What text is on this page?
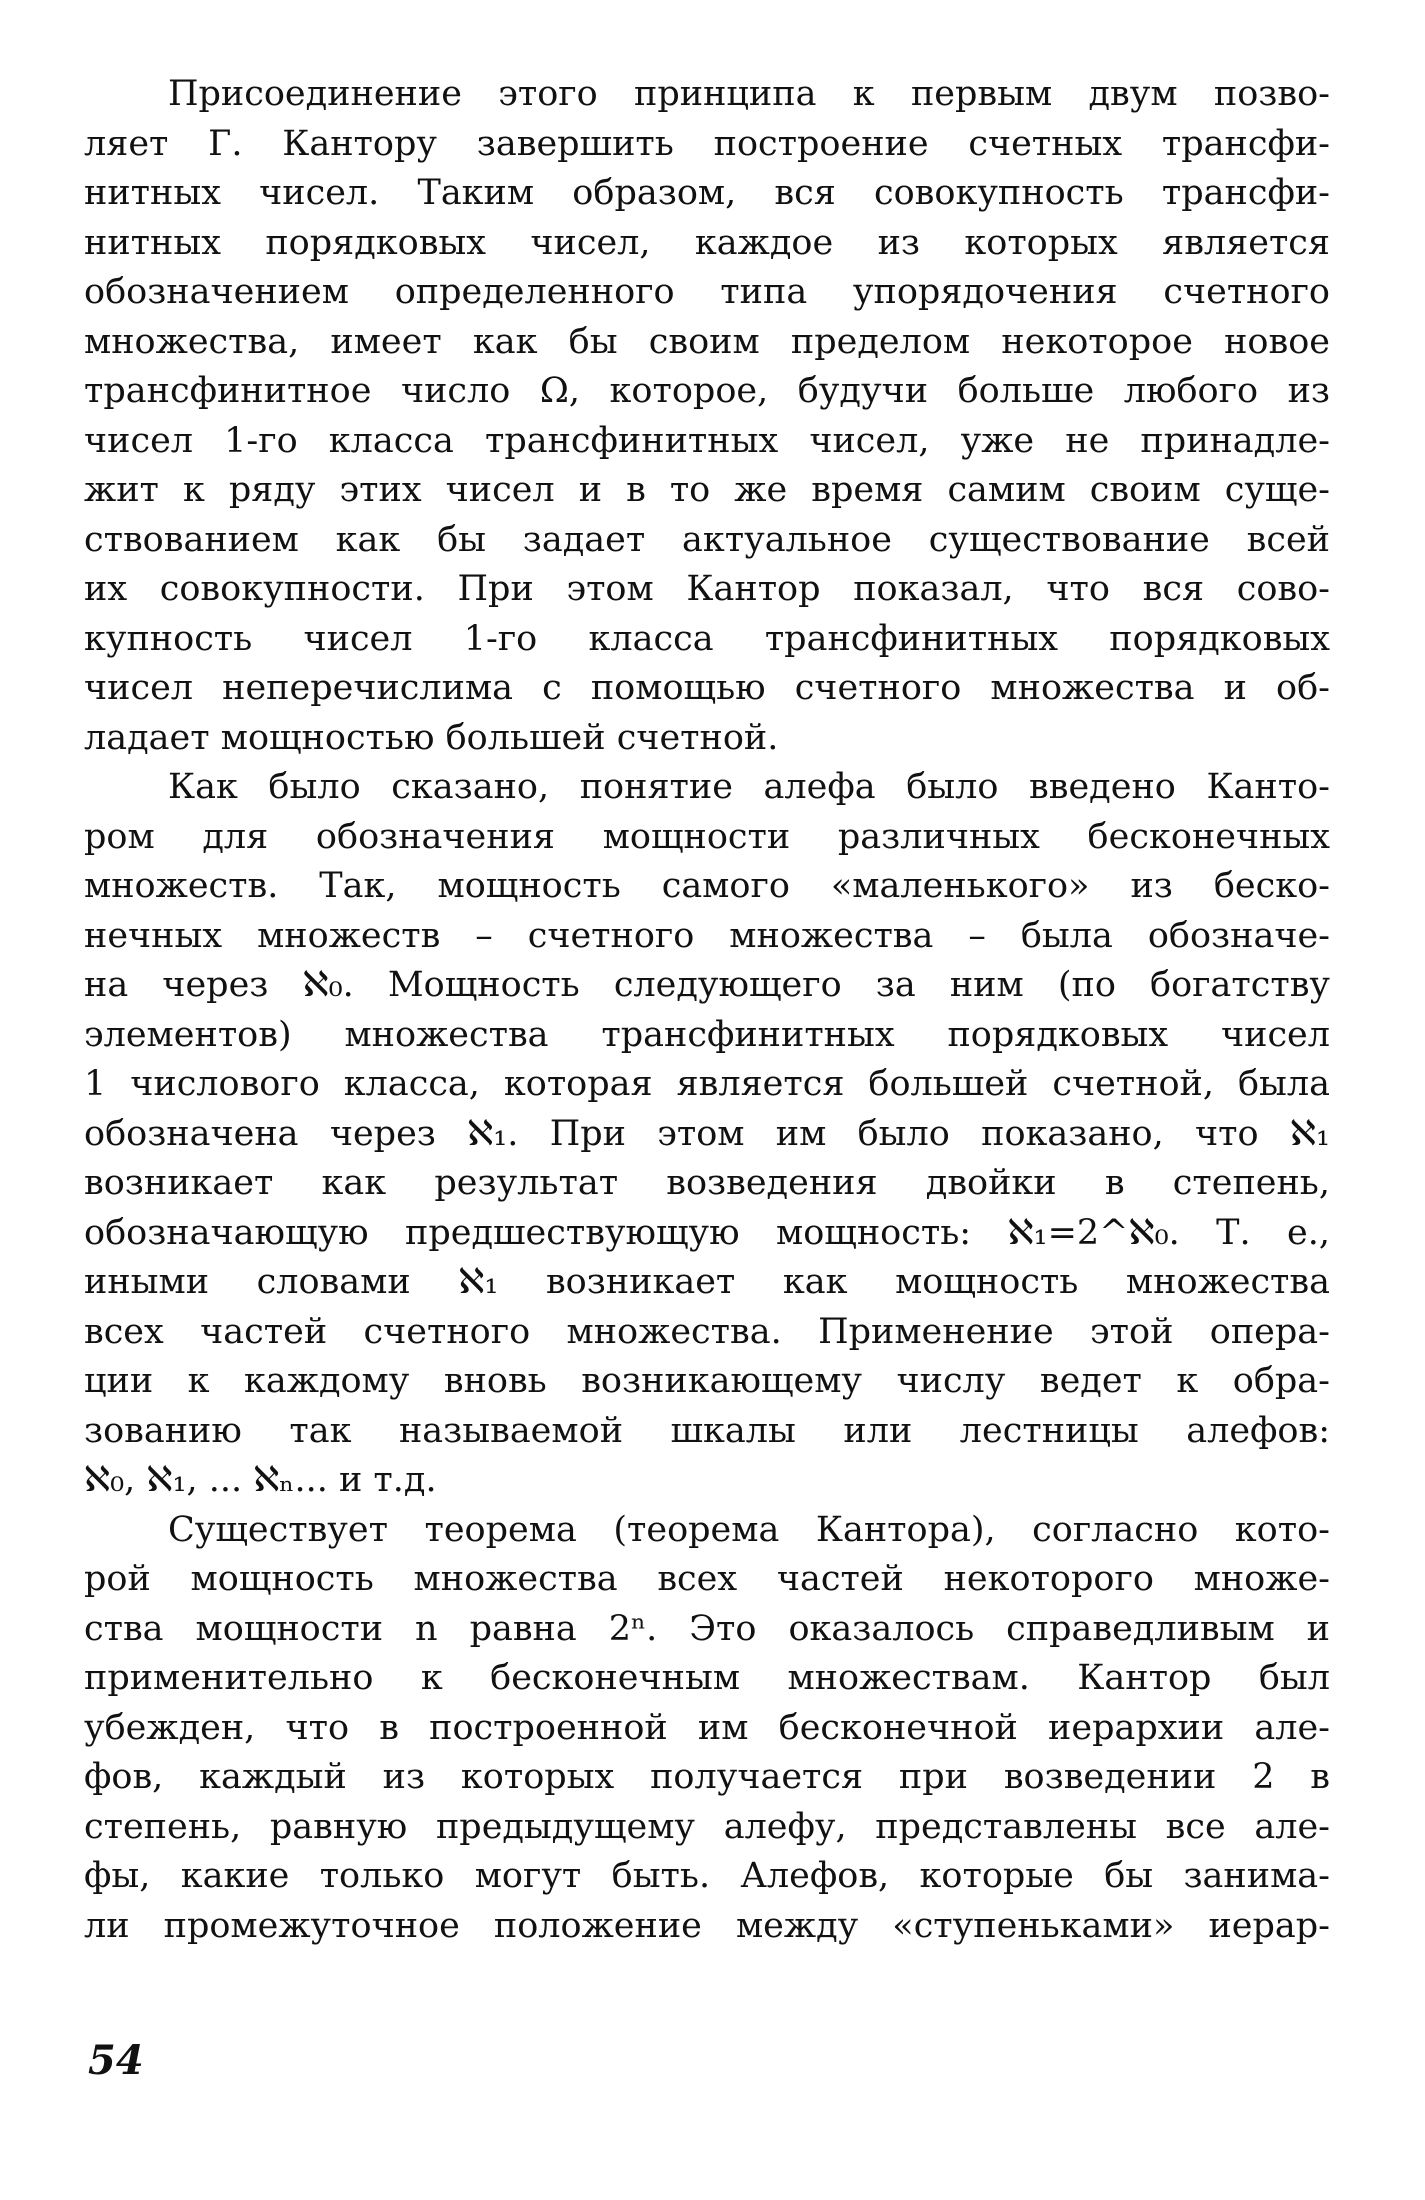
Присоединение этого принципа к первым двум позво-
ляет Г. Кантору завершить построение счетных трансфи-
нитных чисел. Таким образом, вся совокупность трансфи-
нитных порядковых чисел, каждое из которых является
обозначением определенного типа упорядочения счетного
множества, имеет как бы своим пределом некоторое новое
трансфинитное число Ω, которое, будучи больше любого из
чисел 1-го класса трансфинитных чисел, уже не принадле-
жит к ряду этих чисел и в то же время самим своим суще-
ствованием как бы задает актуальное существование всей
их совокупности. При этом Кантор показал, что вся сово-
купность чисел 1-го класса трансфинитных порядковых
чисел неперечислима с помощью счетного множества и об-
ладает мощностью большей счетной.
Как было сказано, понятие алефа было введено Канто-
ром для обозначения мощности различных бесконечных
множеств. Так, мощность самого «маленького» из беско-
нечных множеств – счетного множества – была обозначе-
на через ℵ₀. Мощность следующего за ним (по богатству
элементов) множества трансфинитных порядковых чисел
1 числового класса, которая является большей счетной, была
обозначена через ℵ₁. При этом им было показано, что ℵ₁
возникает как результат возведения двойки в степень,
обозначающую предшествующую мощность: ℵ₁=2^ℵ₀. Т. е.,
иными словами ℵ₁ возникает как мощность множества
всех частей счетного множества. Применение этой опера-
ции к каждому вновь возникающему числу ведет к обра-
зованию так называемой шкалы или лестницы алефов:
ℵ₀, ℵ₁, ... ℵₙ... и т.д.
Существует теорема (теорема Кантора), согласно кото-
рой мощность множества всех частей некоторого множе-
ства мощности n равна 2ⁿ. Это оказалось справедливым и
применительно к бесконечным множествам. Кантор был
убежден, что в построенной им бесконечной иерархии але-
фов, каждый из которых получается при возведении 2 в
степень, равную предыдущему алефу, представлены все але-
фы, какие только могут быть. Алефов, которые бы занима-
ли промежуточное положение между «ступеньками» иерар-
54
